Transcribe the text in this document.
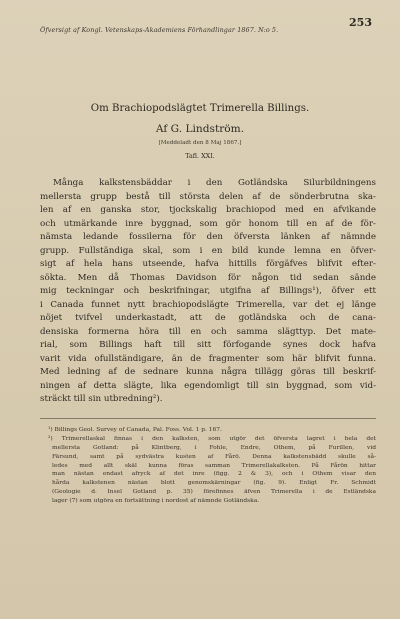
Öfversigt af Kongl. Vetenskaps-Akademiens Förhandlingar 1867. N:o 5.
253
Om Brachiopodslägtet Trimerella Billings.
Af G. Lindström.
[Meddeladt den 8 Maj 1867.]
Tafl. XXI.
Många kalkstensbäddar i den Gotländska Silurbildningens
mellersta grupp bestå till största delen af de sönderbrutna ska-
len af en ganska stor, tjockskalig brachiopod med en afvikande
och utmärkande inre byggnad, som gör honom till en af de för-
nämsta ledande fossilerna för den öfversta länken af nämnde
grupp. Fullständiga skal, som i en bild kunde lemna en öfver-
sigt af hela hans utseende, hafva hittills förgäfves blifvit efter-
sökta. Men då Thomas Davidson för någon tid sedan sände
mig teckningar och beskrifningar, utgifna af Billings¹), öfver ett
i Canada funnet nytt brachiopodslägte Trimerella, var det ej länge
nöjet tvifvel underkastadt, att de gotländska och de cana-
densiska formerna höra till en och samma slägttyp. Det mate-
rial, som Billings haft till sitt förfogande synes dock hafva
varit vida ofullständigare, än de fragmenter som här blifvit funna.
Med ledning af de sednare kunna några tillägg göras till beskrif-
ningen af detta slägte, lika egendomligt till sin byggnad, som vid-
sträckt till sin utbredning²).
¹) Billings Geol. Survey of Canada, Pal. Foss. Vol. 1 p. 167.
²) Trimerellaskal finnas i den kalksten, som utgör det öfversta lagret i hela det
mellersta Gotland: på Klintberg, i Fohle, Endre, Othem, på Furillen, vid
Färsund, samt på sydvästra kusten af Fårö. Denna kalkstensbädd skulle så-
ledes med allt skäl kunna föras samman Trimerellakalksten. På Fårön hittar
man nästan endast afryck af det inre (figg. 2 & 3), och i Othem visar den
hårda kalkstenen nästan blott genomskärningar (fig. 9). Enligt Fr. Schmidt
(Geologie d. Insel Gotland p. 35) förefinnes äfven Trimerella i de Estländska
lager (7) som utgöra en fortsättning i nordost af nämnde Gotländska.
